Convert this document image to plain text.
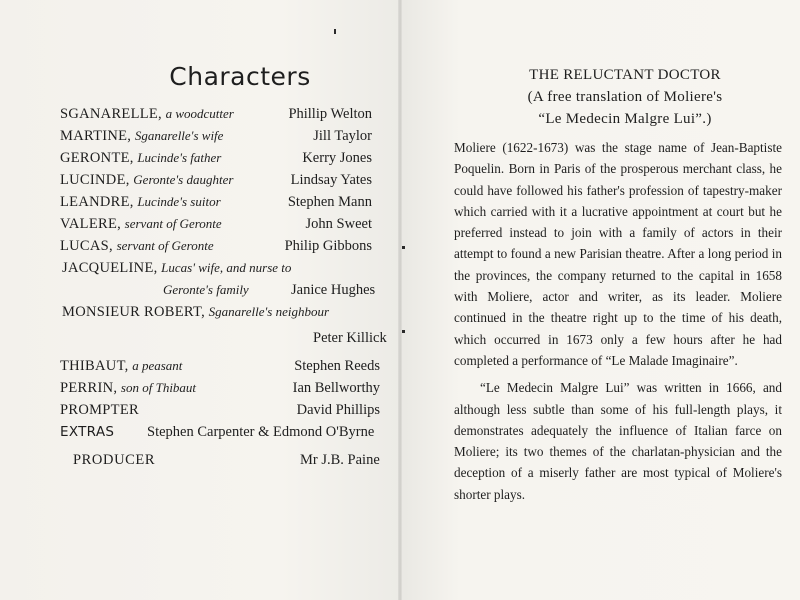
Characters
SGANARELLE, a woodcutter	Phillip Welton
MARTINE, Sganarelle's wife	Jill Taylor
GERONTE, Lucinde's father	Kerry Jones
LUCINDE, Geronte's daughter	Lindsay Yates
LEANDRE, Lucinde's suitor	Stephen Mann
VALERE, servant of Geronte	John Sweet
LUCAS, servant of Geronte	Philip Gibbons
JACQUELINE, Lucas' wife, and nurse to
Geronte's family	Janice Hughes
MONSIEUR ROBERT, Sganarelle's neighbour
Peter Killick
THIBAUT, a peasant	Stephen Reeds
PERRIN, son of Thibaut	Ian Bellworthy
PROMPTER	David Phillips
EXTRAS Stephen Carpenter & Edmond O'Byrne
PRODUCER	Mr J.B. Paine
THE RELUCTANT DOCTOR
(A free translation of Moliere's
“Le Medecin Malgre Lui”.)

Moliere (1622-1673) was the stage name of Jean-Baptiste Poquelin. Born in Paris of the prosperous merchant class, he could have followed his father's profession of tapestry-maker which carried with it a lucrative appointment at court but he preferred instead to join with a family of actors in their attempt to found a new Parisian theatre. After a long period in the provinces, the company returned to the capital in 1658 with Moliere, actor and writer, as its leader. Moliere continued in the theatre right up to the time of his death, which occurred in 1673 only a few hours after he had completed a performance of “Le Malade Imaginaire”.

“Le Medecin Malgre Lui” was written in 1666, and although less subtle than some of his full-length plays, it demonstrates adequately the influence of Italian farce on Moliere; its two themes of the charlatan-physician and the deception of a miserly father are most typical of Moliere's shorter plays.
